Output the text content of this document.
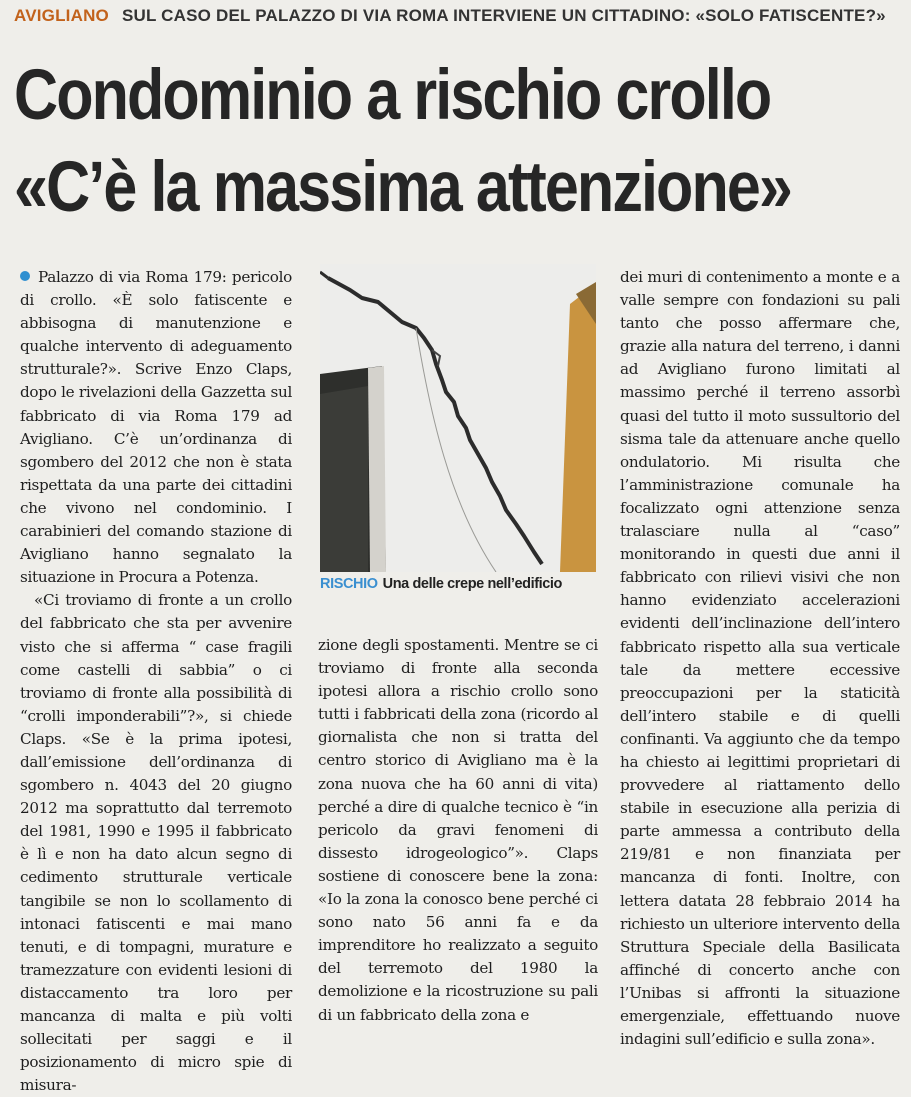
AVIGLIANO SUL CASO DEL PALAZZO DI VIA ROMA INTERVIENE UN CITTADINO: «SOLO FATISCENTE?»
Condominio a rischio crollo
«C’è la massima attenzione»

Palazzo di via Roma 179: pericolo di crollo. «È solo fatiscente e abbisogna di manutenzione e qualche intervento di adeguamento strutturale?». Scrive Enzo Claps, dopo le rivelazioni della Gazzetta sul fabbricato di via Roma 179 ad Avigliano. C’è un’ordinanza di sgombero del 2012 che non è stata rispettata da una parte dei cittadini che vivono nel condominio. I carabinieri del comando stazione di Avigliano hanno segnalato la situazione in Procura a Potenza.

«Ci troviamo di fronte a un crollo del fabbricato che sta per avvenire visto che si afferma “ case fragili come castelli di sabbia” o ci troviamo di fronte alla possibilità di “crolli imponderabili”?», si chiede Claps. «Se è la prima ipotesi, dall’emissione dell’ordinanza di sgombero n. 4043 del 20 giugno 2012 ma soprattutto dal terremoto del 1981, 1990 e 1995 il fabbricato è lì e non ha dato alcun segno di cedimento strutturale verticale tangibile se non lo scollamento di intonaci fatiscenti e mai mano tenuti, e di tompagni, murature e tramezzature con evidenti lesioni di distaccamento tra loro per mancanza di malta e più volti sollecitati per saggi e il posizionamento di micro spie di misura-

RISCHIO Una delle crepe nell’edificio

zione degli spostamenti. Mentre se ci troviamo di fronte alla seconda ipotesi allora a rischio crollo sono tutti i fabbricati della zona (ricordo al giornalista che non si tratta del centro storico di Avigliano ma è la zona nuova che ha 60 anni di vita) perché a dire di qualche tecnico è “in pericolo da gravi fenomeni di dissesto idrogeologico”». Claps sostiene di conoscere bene la zona: «Io la zona la conosco bene perché ci sono nato 56 anni fa e da imprenditore ho realizzato a seguito del terremoto del 1980 la demolizione e la ricostruzione su pali di un fabbricato della zona e

dei muri di contenimento a monte e a valle sempre con fondazioni su pali tanto che posso affermare che, grazie alla natura del terreno, i danni ad Avigliano furono limitati al massimo perché il terreno assorbì quasi del tutto il moto sussultorio del sisma tale da attenuare anche quello ondulatorio. Mi risulta che l’amministrazione comunale ha focalizzato ogni attenzione senza tralasciare nulla al “caso” monitorando in questi due anni il fabbricato con rilievi visivi che non hanno evidenziato accelerazioni evidenti dell’inclinazione dell’intero fabbricato rispetto alla sua verticale tale da mettere eccessive preoccupazioni per la staticità dell’intero stabile e di quelli confinanti. Va aggiunto che da tempo ha chiesto ai legittimi proprietari di provvedere al riattamento dello stabile in esecuzione alla perizia di parte ammessa a contributo della 219/81 e non finanziata per mancanza di fonti. Inoltre, con lettera datata 28 febbraio 2014 ha richiesto un ulteriore intervento della Struttura Speciale della Basilicata affinché di concerto anche con l’Unibas si affronti la situazione emergenziale, effettuando nuove indagini sull’edificio e sulla zona».
